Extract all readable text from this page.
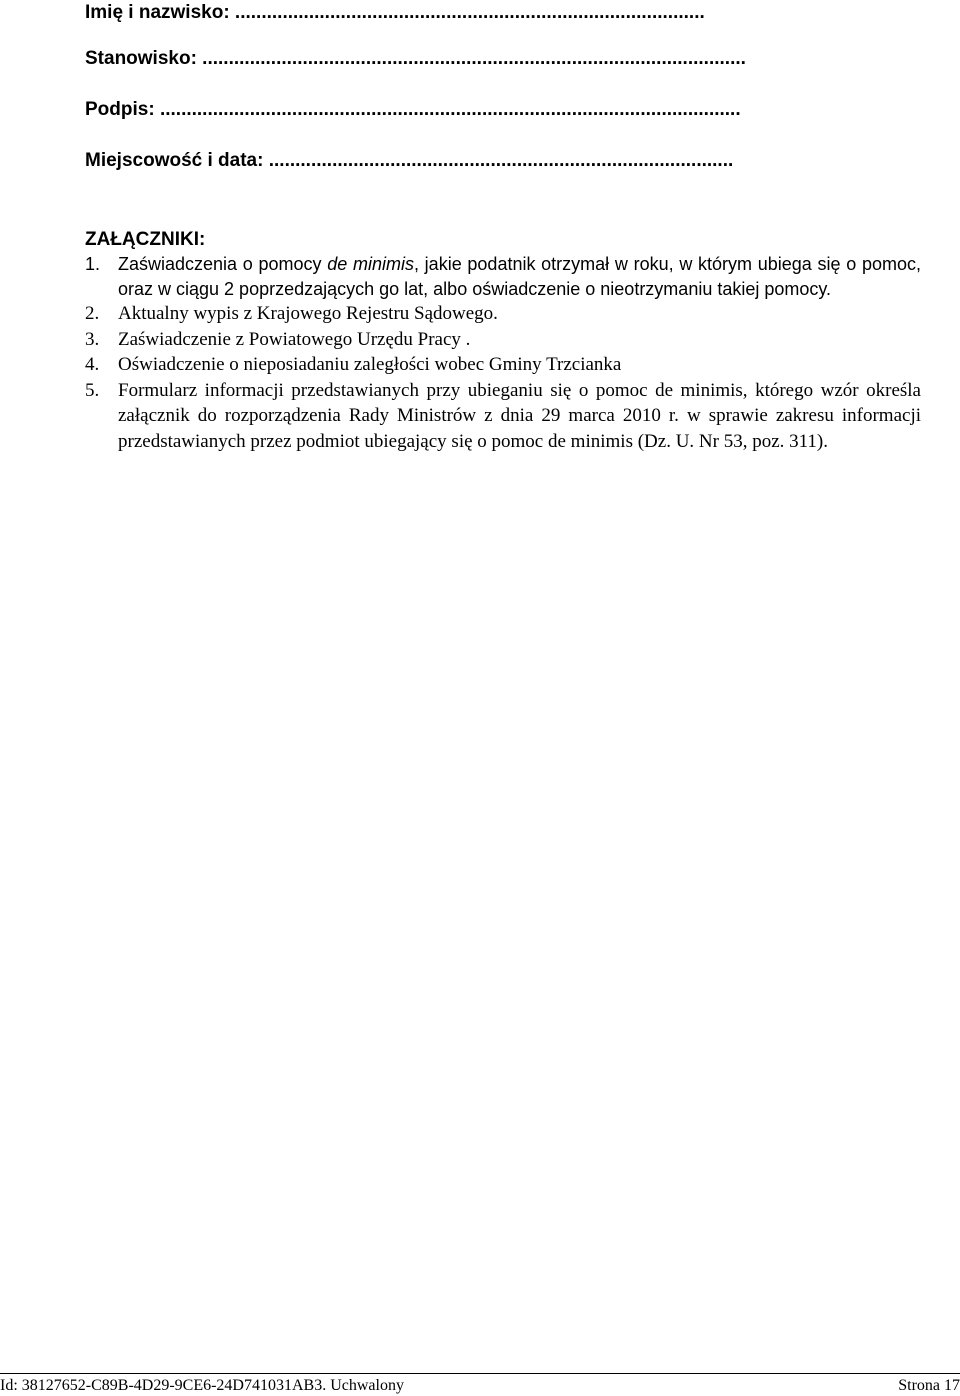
Imię i nazwisko: .........................................................................................
Stanowisko: .......................................................................................................
Podpis: ..............................................................................................................
Miejscowość i data: ........................................................................................
ZAŁĄCZNIKI:
1. Zaświadczenia o pomocy de minimis, jakie podatnik otrzymał w roku, w którym ubiega się o pomoc, oraz w ciągu 2 poprzedzających go lat, albo oświadczenie o nieotrzymaniu takiej pomocy.
2. Aktualny wypis z Krajowego Rejestru Sądowego.
3. Zaświadczenie z Powiatowego Urzędu Pracy .
4. Oświadczenie o nieposiadaniu zaległości wobec Gminy Trzcianka
5. Formularz informacji przedstawianych przy ubieganiu się o pomoc de minimis, którego wzór określa załącznik do rozporządzenia Rady Ministrów z dnia 29 marca 2010 r. w sprawie zakresu informacji przedstawianych przez podmiot ubiegający się o pomoc de minimis (Dz. U. Nr 53, poz. 311).
Id: 38127652-C89B-4D29-9CE6-24D741031AB3. Uchwalony	Strona 17
